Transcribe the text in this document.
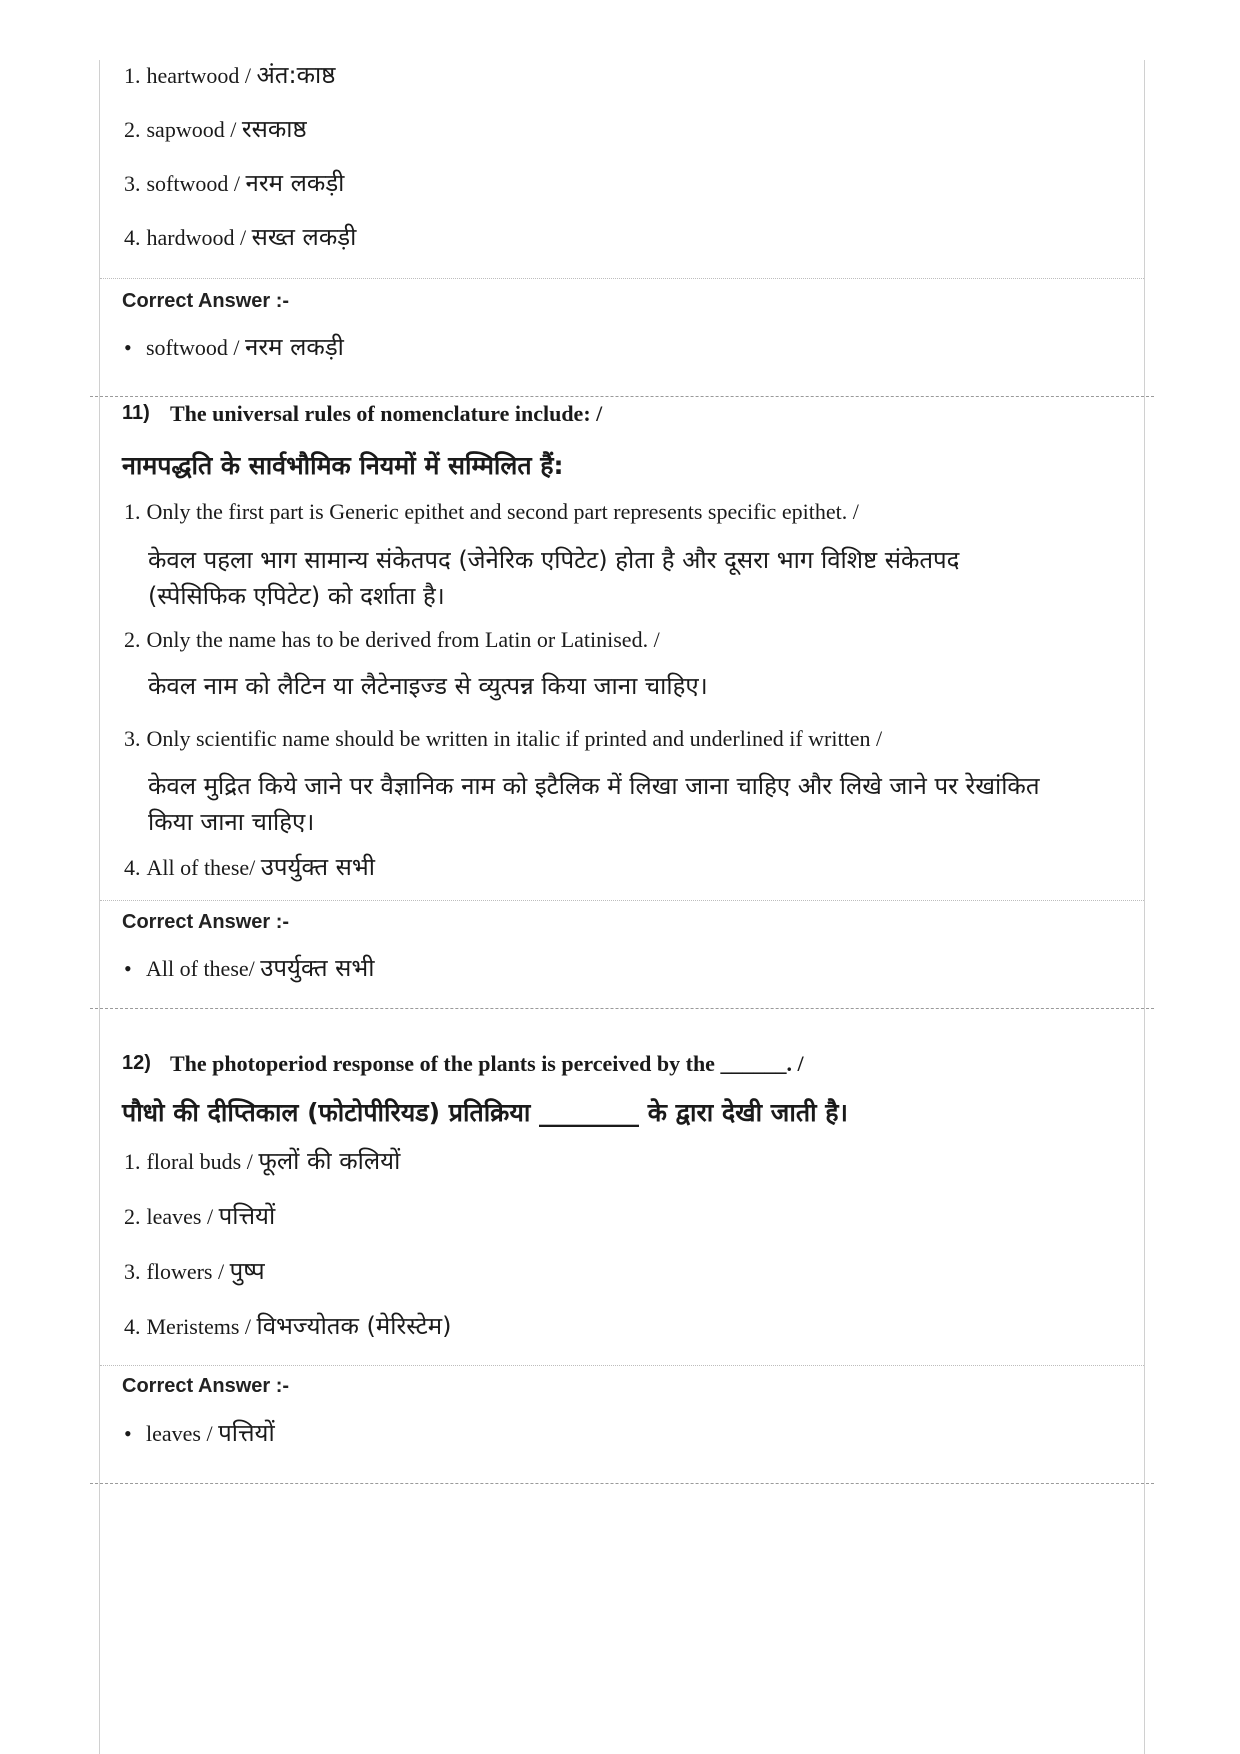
1. heartwood / अंत:काष्ठ
2. sapwood / रसकाष्ठ
3. softwood / नरम लकड़ी
4. hardwood / सख्त लकड़ी
Correct Answer :-
• softwood / नरम लकड़ी
11) The universal rules of nomenclature include: /
नामपद्धति के सार्वभौमिक नियमों में सम्मिलित हैं:
1. Only the first part is Generic epithet and second part represents specific epithet. /
केवल पहला भाग सामान्य संकेतपद (जेनेरिक एपिटेट) होता है और दूसरा भाग विशिष्ट संकेतपद
(स्पेसिफिक एपिटेट) को दर्शाता है।
2. Only the name has to be derived from Latin or Latinised. /
केवल नाम को लैटिन या लैटेनाइज्ड से व्युत्पन्न किया जाना चाहिए।
3. Only scientific name should be written in italic if printed and underlined if written /
केवल मुद्रित किये जाने पर वैज्ञानिक नाम को इटैलिक में लिखा जाना चाहिए और लिखे जाने पर रेखांकित
किया जाना चाहिए।
4. All of these/ उपर्युक्त सभी
Correct Answer :-
• All of these/ उपर्युक्त सभी
12) The photoperiod response of the plants is perceived by the ______. /
पौधो की दीप्तिकाल (फोटोपीरियड) प्रतिक्रिया ________ के द्वारा देखी जाती है।
1. floral buds / फूलों की कलियों
2. leaves / पत्तियों
3. flowers / पुष्प
4. Meristems / विभज्योतक (मेरिस्टेम)
Correct Answer :-
• leaves / पत्तियों
